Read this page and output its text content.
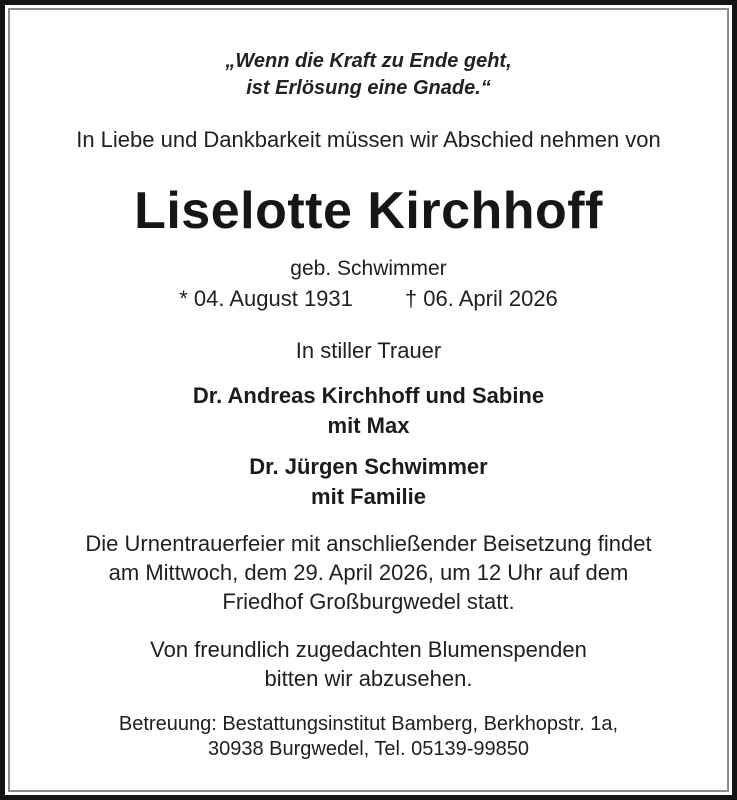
„Wenn die Kraft zu Ende geht,
ist Erlösung eine Gnade.“
In Liebe und Dankbarkeit müssen wir Abschied nehmen von
Liselotte Kirchhoff
geb. Schwimmer
* 04. August 1931 † 06. April 2026
In stiller Trauer
Dr. Andreas Kirchhoff und Sabine
mit Max
Dr. Jürgen Schwimmer
mit Familie
Die Urnentrauerfeier mit anschließender Beisetzung findet
am Mittwoch, dem 29. April 2026, um 12 Uhr auf dem
Friedhof Großburgwedel statt.
Von freundlich zugedachten Blumenspenden
bitten wir abzusehen.
Betreuung: Bestattungsinstitut Bamberg, Berkhopstr. 1a,
30938 Burgwedel, Tel. 05139-99850
